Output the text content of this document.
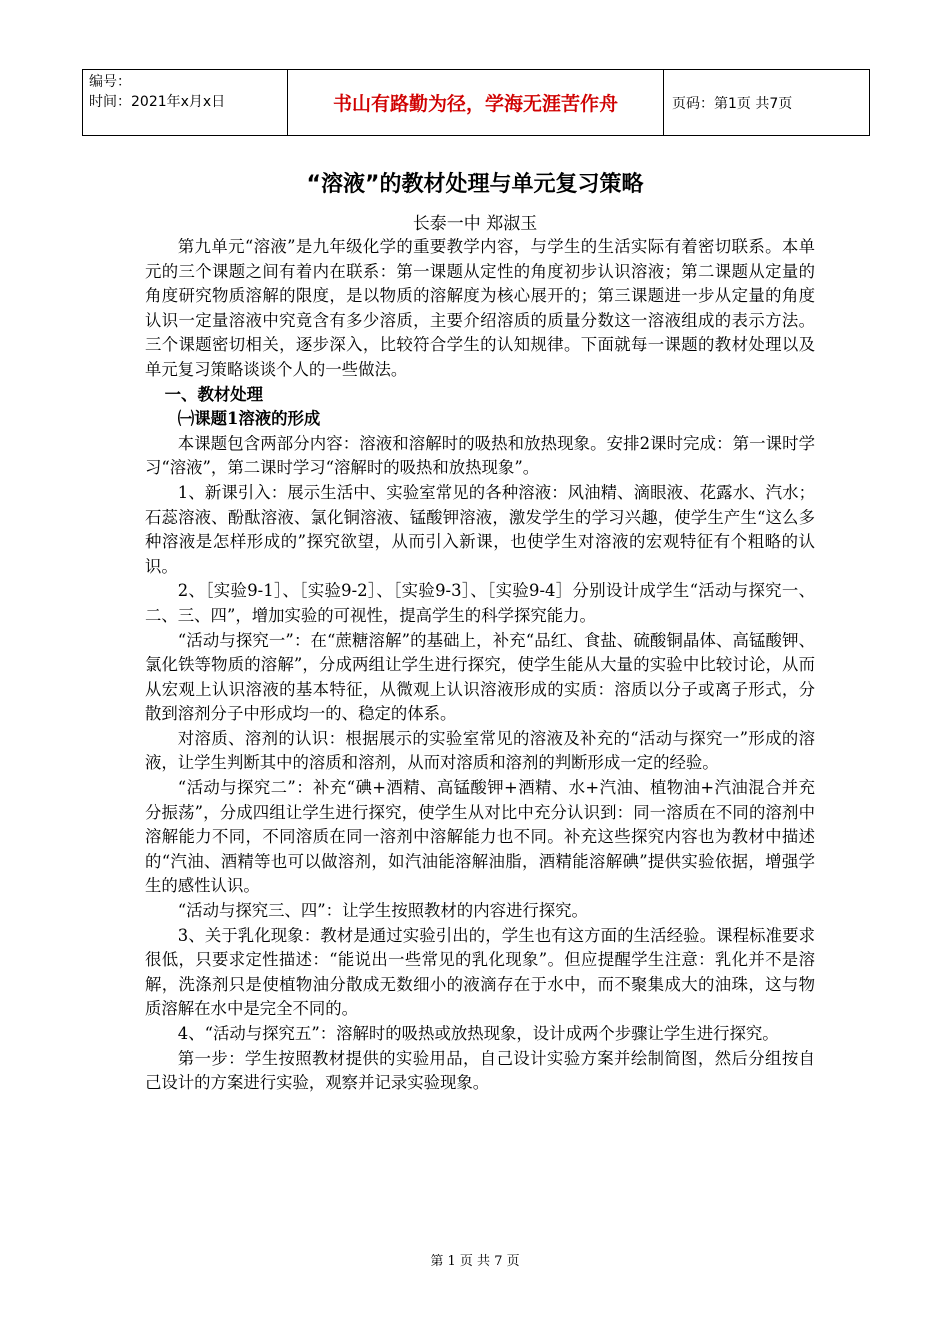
编号：
时间：2021年x月x日	书山有路勤为径，学海无涯苦作舟	页码：第1页 共7页
“溶液”的教材处理与单元复习策略
长泰一中 郑淑玉

第九单元“溶液”是九年级化学的重要教学内容，与学生的生活实际有着密切联系。本单元的三个课题之间有着内在联系：第一课题从定性的角度初步认识溶液；第二课题从定量的角度研究物质溶解的限度，是以物质的溶解度为核心展开的；第三课题进一步从定量的角度认识一定量溶液中究竟含有多少溶质，主要介绍溶质的质量分数这一溶液组成的表示方法。三个课题密切相关，逐步深入，比较符合学生的认知规律。下面就每一课题的教材处理以及单元复习策略谈谈个人的一些做法。

一、教材处理

㈠课题1溶液的形成

本课题包含两部分内容：溶液和溶解时的吸热和放热现象。安排2课时完成：第一课时学习“溶液”，第二课时学习“溶解时的吸热和放热现象”。

1、新课引入：展示生活中、实验室常见的各种溶液：风油精、滴眼液、花露水、汽水；石蕊溶液、酚酞溶液、氯化铜溶液、锰酸钾溶液，激发学生的学习兴趣，使学生产生“这么多种溶液是怎样形成的”探究欲望，从而引入新课，也使学生对溶液的宏观特征有个粗略的认识。

2、［实验9-1］、［实验9-2］、［实验9-3］、［实验9-4］分别设计成学生“活动与探究一、二、三、四”，增加实验的可视性，提高学生的科学探究能力。

“活动与探究一”：在“蔗糖溶解”的基础上，补充“品红、食盐、硫酸铜晶体、高锰酸钾、氯化铁等物质的溶解”，分成两组让学生进行探究，使学生能从大量的实验中比较讨论，从而从宏观上认识溶液的基本特征，从微观上认识溶液形成的实质：溶质以分子或离子形式，分散到溶剂分子中形成均一的、稳定的体系。

对溶质、溶剂的认识：根据展示的实验室常见的溶液及补充的“活动与探究一”形成的溶液，让学生判断其中的溶质和溶剂，从而对溶质和溶剂的判断形成一定的经验。

“活动与探究二”：补充“碘+酒精、高锰酸钾+酒精、水+汽油、植物油+汽油混合并充分振荡”，分成四组让学生进行探究，使学生从对比中充分认识到：同一溶质在不同的溶剂中溶解能力不同，不同溶质在同一溶剂中溶解能力也不同。补充这些探究内容也为教材中描述的“汽油、酒精等也可以做溶剂，如汽油能溶解油脂，酒精能溶解碘”提供实验依据，增强学生的感性认识。

“活动与探究三、四”：让学生按照教材的内容进行探究。

3、关于乳化现象：教材是通过实验引出的，学生也有这方面的生活经验。课程标准要求很低，只要求定性描述：“能说出一些常见的乳化现象”。但应提醒学生注意：乳化并不是溶解，洗涤剂只是使植物油分散成无数细小的液滴存在于水中，而不聚集成大的油珠，这与物质溶解在水中是完全不同的。

4、“活动与探究五”：溶解时的吸热或放热现象，设计成两个步骤让学生进行探究。

第一步：学生按照教材提供的实验用品，自己设计实验方案并绘制简图，然后分组按自己设计的方案进行实验，观察并记录实验现象。

第 1 页 共 7 页
